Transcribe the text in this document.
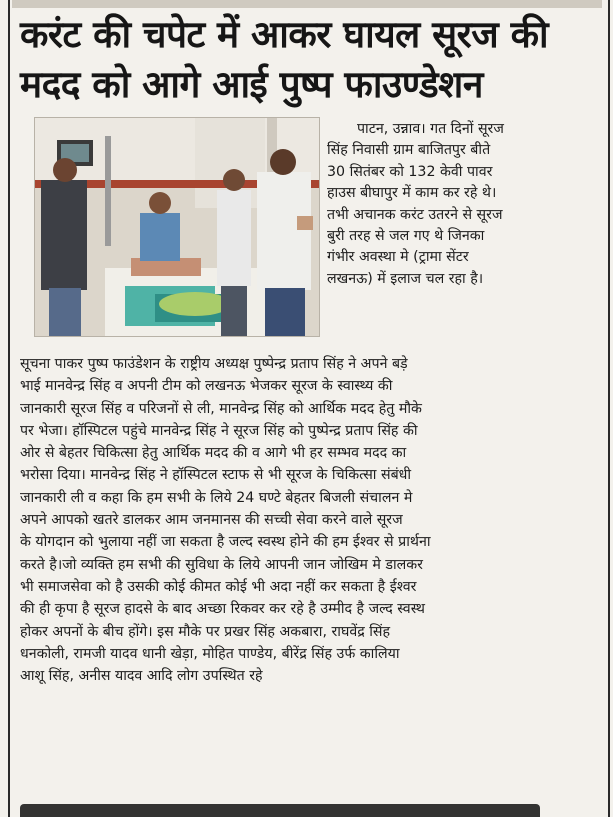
करंट की चपेट में आकर घायल सूरज की
मदद को आगे आई पुष्प फाउण्डेशन

पाटन, उन्नाव। गत दिनों सूरज
सिंह निवासी ग्राम बाजितपुर बीते
30 सितंबर को 132 केवी पावर
हाउस बीघापुर में काम कर रहे थे।
तभी अचानक करंट उतरने से सूरज
बुरी तरह से जल गए थे जिनका
गंभीर अवस्था मे (ट्रामा सेंटर
लखनऊ) में इलाज चल रहा है।

सूचना पाकर पुष्प फाउंडेशन के राष्ट्रीय अध्यक्ष पुष्पेन्द्र प्रताप सिंह ने अपने बड़े
भाई मानवेन्द्र सिंह व अपनी टीम को लखनऊ भेजकर सूरज के स्वास्थ्य की
जानकारी सूरज सिंह व परिजनों से ली, मानवेन्द्र सिंह को आर्थिक मदद हेतु मौके
पर भेजा। हॉस्पिटल पहुंचे मानवेन्द्र सिंह ने सूरज सिंह को पुष्पेन्द्र प्रताप सिंह की
ओर से बेहतर चिकित्सा हेतु आर्थिक मदद की व आगे भी हर सम्भव मदद का
भरोसा दिया। मानवेन्द्र सिंह ने हॉस्पिटल स्टाफ से भी सूरज के चिकित्सा संबंधी
जानकारी ली व कहा कि हम सभी के लिये 24 घण्टे बेहतर बिजली संचालन मे
अपने आपको खतरे डालकर आम जनमानस की सच्ची सेवा करने वाले सूरज
के योगदान को भुलाया नहीं जा सकता है जल्द स्वस्थ होने की हम ईश्वर से प्रार्थना
करते है।जो व्यक्ति हम सभी की सुविधा के लिये आपनी जान जोखिम मे डालकर
भी समाजसेवा को है उसकी कोई कीमत कोई भी अदा नहीं कर सकता है ईश्वर
की ही कृपा है सूरज हादसे के बाद अच्छा रिकवर कर रहे है उम्मीद है जल्द स्वस्थ
होकर अपनों के बीच होंगे। इस मौके पर प्रखर सिंह अकबारा, राघवेंद्र सिंह
धनकोली, रामजी यादव धानी खेड़ा, मोहित पाण्डेय, बीरेंद्र सिंह उर्फ कालिया
आशू सिंह, अनीस यादव आदि लोग उपस्थित रहे
